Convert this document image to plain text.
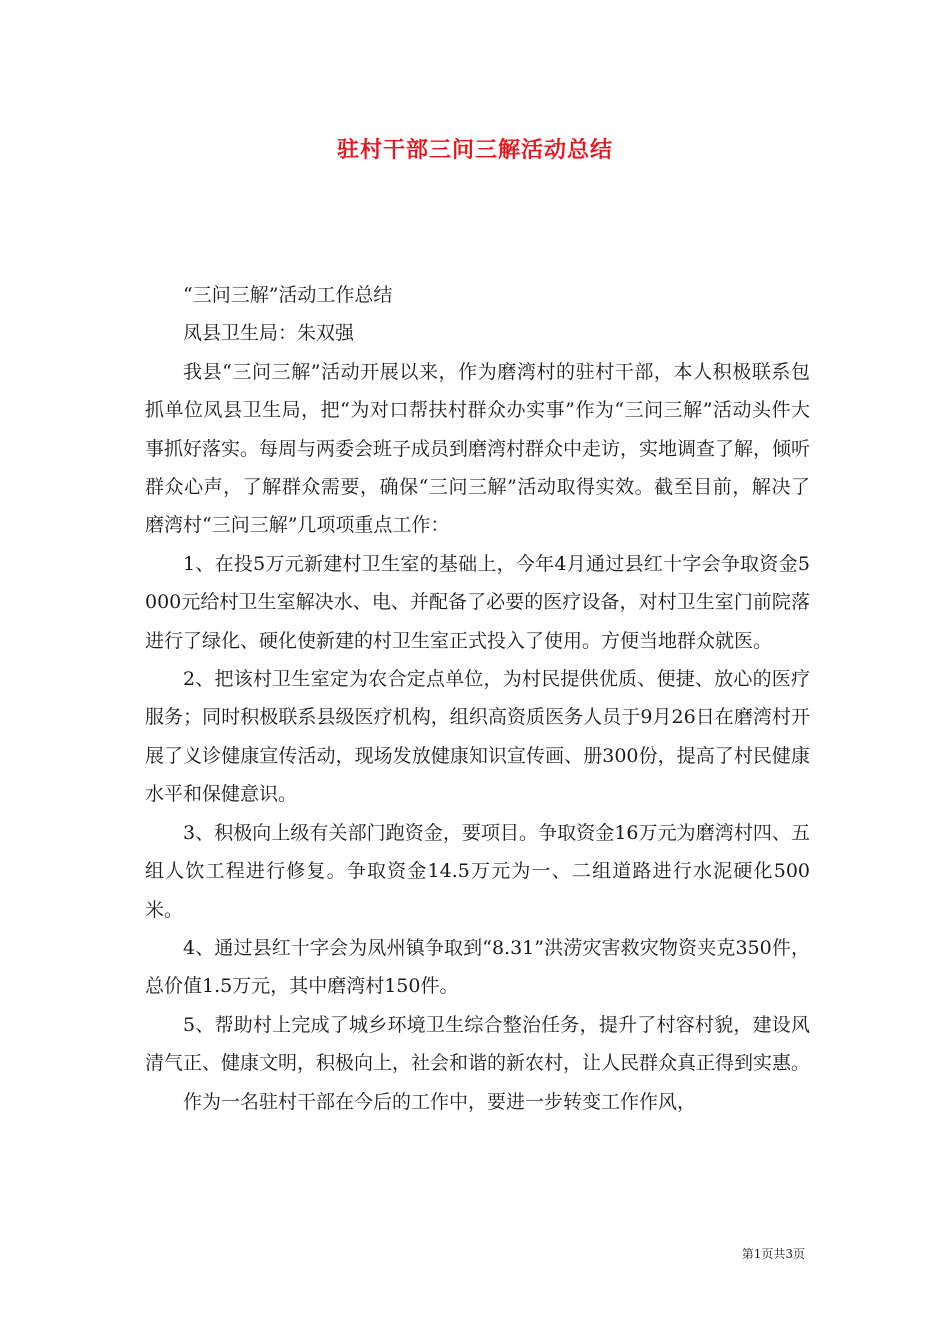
驻村干部三问三解活动总结

“三问三解”活动工作总结

凤县卫生局：朱双强

我县“三问三解”活动开展以来，作为磨湾村的驻村干部，本人积极联系包抓单位凤县卫生局，把“为对口帮扶村群众办实事”作为“三问三解”活动头件大事抓好落实。每周与两委会班子成员到磨湾村群众中走访，实地调查了解，倾听群众心声，了解群众需要，确保“三问三解”活动取得实效。截至目前，解决了磨湾村“三问三解”几项项重点工作：

1、在投5万元新建村卫生室的基础上，今年4月通过县红十字会争取资金5000元给村卫生室解决水、电、并配备了必要的医疗设备，对村卫生室门前院落进行了绿化、硬化使新建的村卫生室正式投入了使用。方便当地群众就医。

2、把该村卫生室定为农合定点单位，为村民提供优质、便捷、放心的医疗服务；同时积极联系县级医疗机构，组织高资质医务人员于9月26日在磨湾村开展了义诊健康宣传活动，现场发放健康知识宣传画、册300份，提高了村民健康水平和保健意识。

3、积极向上级有关部门跑资金，要项目。争取资金16万元为磨湾村四、五组人饮工程进行修复。争取资金14.5万元为一、二组道路进行水泥硬化500米。

4、通过县红十字会为凤州镇争取到“8.31”洪涝灾害救灾物资夹克350件，总价值1.5万元，其中磨湾村150件。

5、帮助村上完成了城乡环境卫生综合整治任务，提升了村容村貌，建设风清气正、健康文明，积极向上，社会和谐的新农村，让人民群众真正得到实惠。

作为一名驻村干部在今后的工作中，要进一步转变工作作风，

第1页共3页
